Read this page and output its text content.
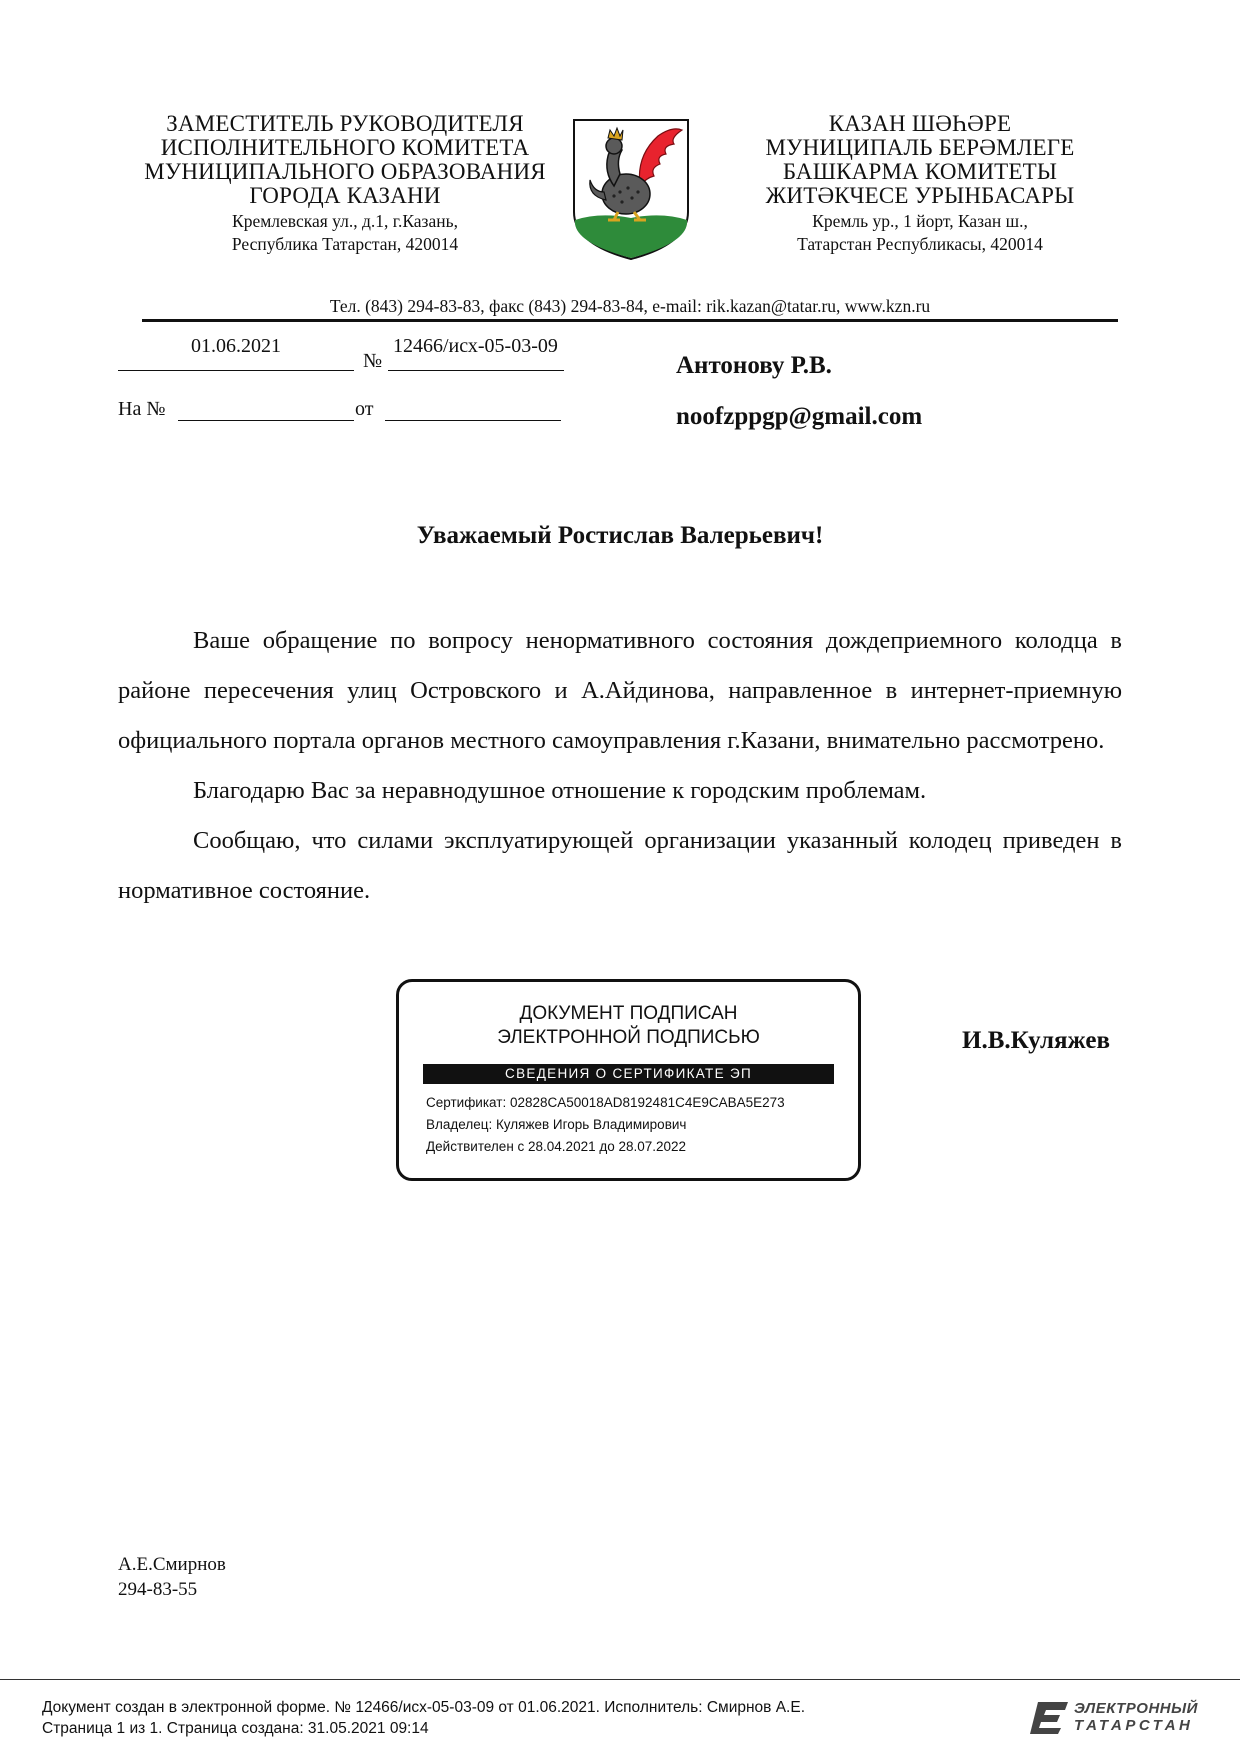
ЗАМЕСТИТЕЛЬ РУКОВОДИТЕЛЯ
ИСПОЛНИТЕЛЬНОГО КОМИТЕТА
МУНИЦИПАЛЬНОГО ОБРАЗОВАНИЯ
ГОРОДА КАЗАНИ
Кремлевская ул., д.1, г.Казань,
Республика Татарстан, 420014
КАЗАН ШӘҺӘРЕ
МУНИЦИПАЛЬ БЕРӘМЛЕГЕ
БАШКАРМА КОМИТЕТЫ
ЖИТӘКЧЕСЕ УРЫНБАСАРЫ
Кремль ур., 1 йорт, Казан ш.,
Татарстан Республикасы, 420014
Тел. (843) 294-83-83, факс (843) 294-83-84, e-mail: rik.kazan@tatar.ru, www.kzn.ru
01.06.2021
№
12466/исх-05-03-09
На №	от
Антонову Р.В.
noofzppgp@gmail.com
Уважаемый Ростислав Валерьевич!

Ваше обращение по вопросу ненормативного состояния дождеприемного колодца в районе пересечения улиц Островского и А.Айдинова, направленное в интернет-приемную официального портала органов местного самоуправления г.Казани, внимательно рассмотрено.

Благодарю Вас за неравнодушное отношение к городским проблемам.

Сообщаю, что силами эксплуатирующей организации указанный колодец приведен в нормативное состояние.

ДОКУМЕНТ ПОДПИСАН
ЭЛЕКТРОННОЙ ПОДПИСЬЮ
СВЕДЕНИЯ О СЕРТИФИКАТЕ ЭП
Сертификат: 02828CA50018AD8192481C4E9CABA5E273
Владелец: Куляжев Игорь Владимирович
Действителен с 28.04.2021 до 28.07.2022
И.В.Куляжев
А.Е.Смирнов
294-83-55
Документ создан в электронной форме. № 12466/исх-05-03-09 от 01.06.2021. Исполнитель: Смирнов А.Е.
Страница 1 из 1. Страница создана: 31.05.2021 09:14
ЭЛЕКТРОННЫЙ
ТАТАРСТАН
